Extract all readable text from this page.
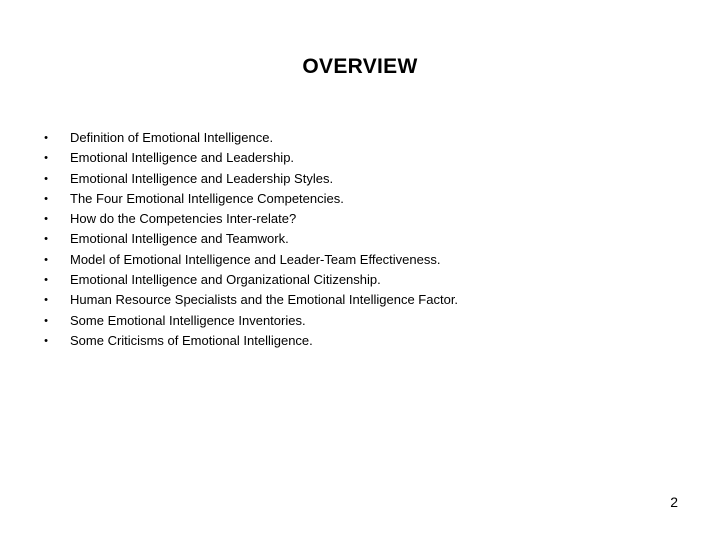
OVERVIEW
•	Definition of Emotional Intelligence.
•	Emotional Intelligence and Leadership.
•	Emotional Intelligence and Leadership Styles.
•	The Four Emotional Intelligence Competencies.
•	How do the Competencies Inter-relate?
•	Emotional Intelligence and Teamwork.
•	Model of Emotional Intelligence and Leader-Team Effectiveness.
•	Emotional Intelligence and Organizational Citizenship.
•	Human Resource Specialists and the Emotional Intelligence Factor.
•	Some Emotional Intelligence Inventories.
•	Some Criticisms of Emotional Intelligence.
2
